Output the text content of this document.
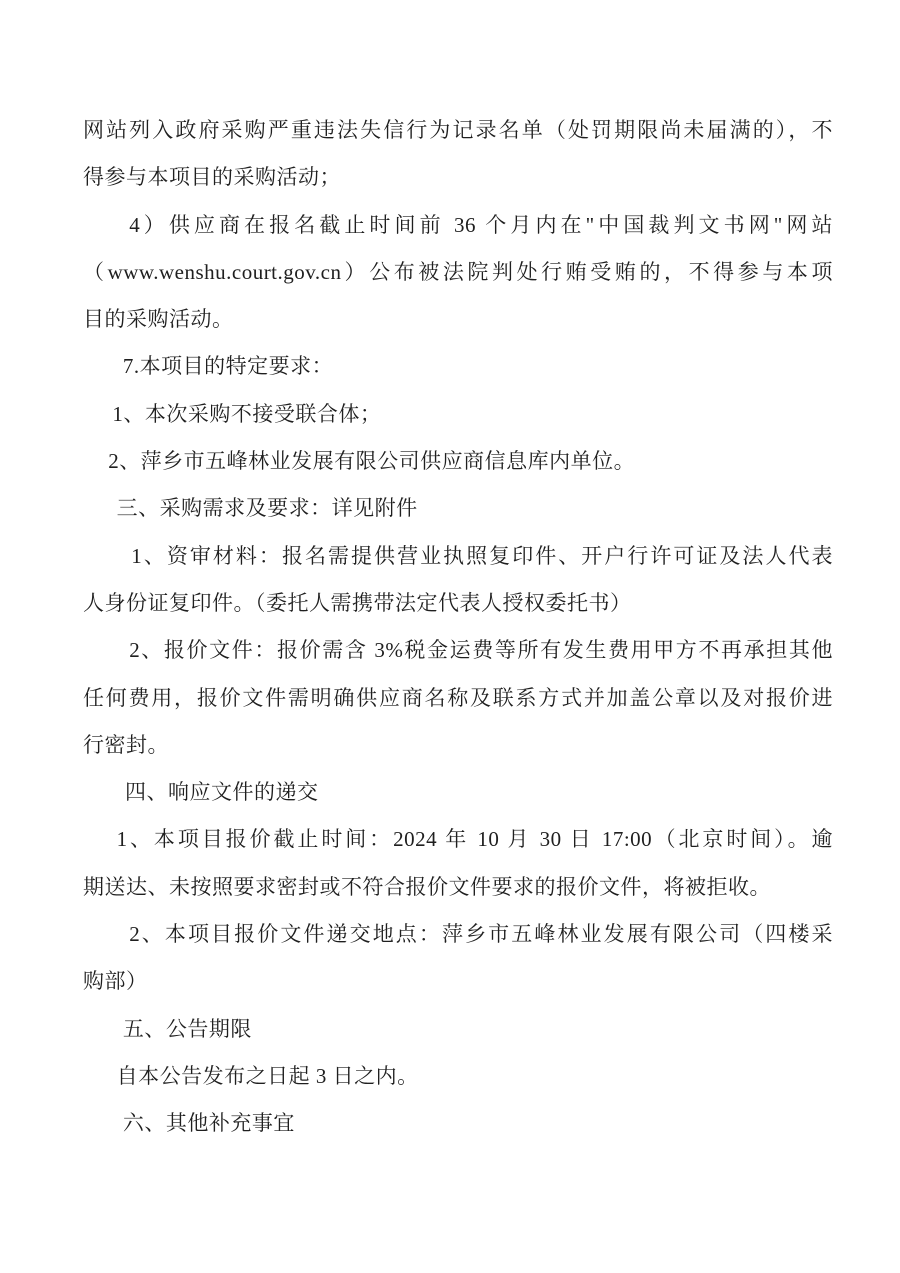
网站列入政府采购严重违法失信行为记录名单（处罚期限尚未届满的），不
得参与本项目的采购活动；
4）供应商在报名截止时间前 36 个月内在"中国裁判文书网"网站
（www.wenshu.court.gov.cn）公布被法院判处行贿受贿的，不得参与本项
目的采购活动。
7.本项目的特定要求：
1、本次采购不接受联合体；
2、萍乡市五峰林业发展有限公司供应商信息库内单位。
三、采购需求及要求：详见附件
1、资审材料：报名需提供营业执照复印件、开户行许可证及法人代表
人身份证复印件。（委托人需携带法定代表人授权委托书）
2、报价文件：报价需含 3%税金运费等所有发生费用甲方不再承担其他
任何费用，报价文件需明确供应商名称及联系方式并加盖公章以及对报价进
行密封。
四、响应文件的递交
1、本项目报价截止时间：2024 年 10 月 30 日 17:00（北京时间）。逾
期送达、未按照要求密封或不符合报价文件要求的报价文件，将被拒收。
2、本项目报价文件递交地点：萍乡市五峰林业发展有限公司（四楼采
购部）
五、公告期限
自本公告发布之日起 3 日之内。
六、其他补充事宜
